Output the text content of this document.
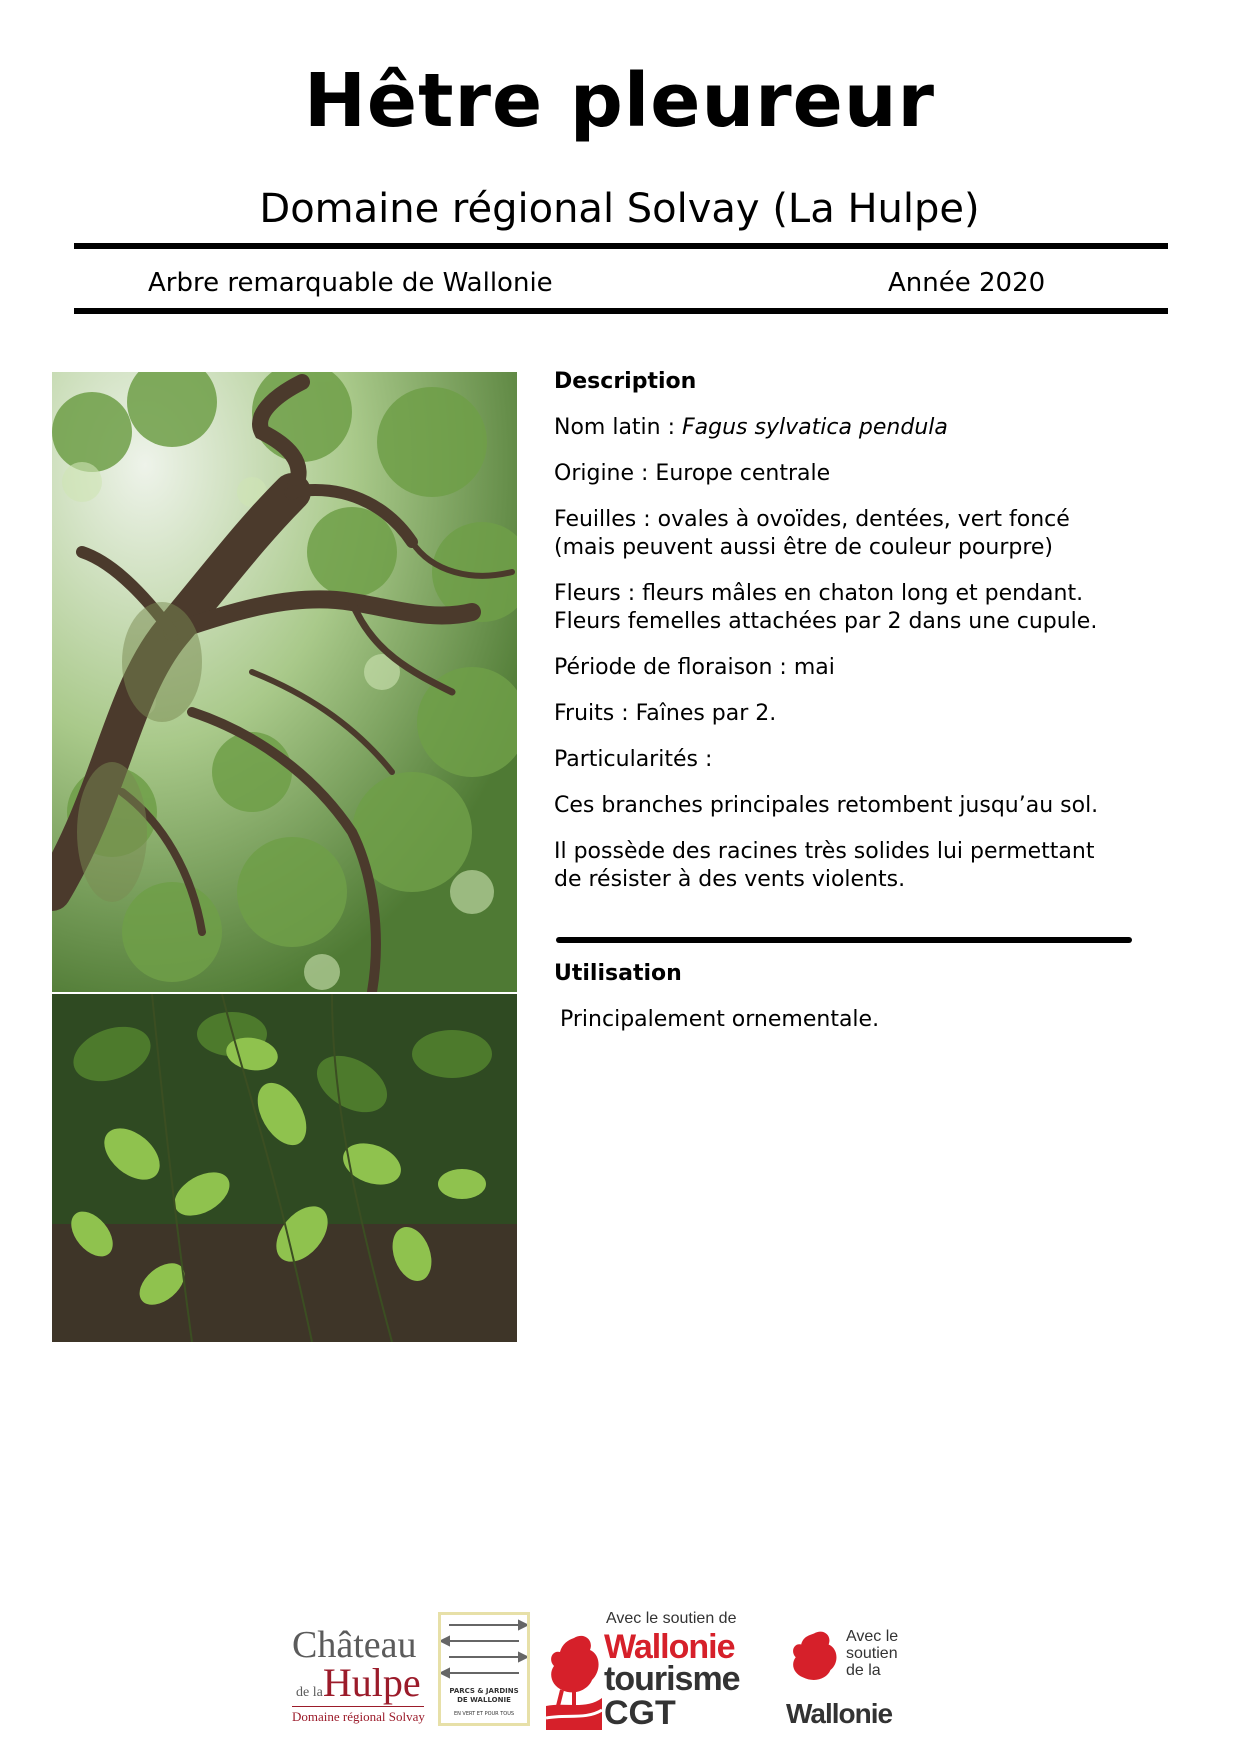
Hêtre pleureur
Domaine régional Solvay (La Hulpe)
Arbre remarquable de Wallonie	Année 2020

Description

Nom latin : Fagus sylvatica pendula

Origine : Europe centrale

Feuilles : ovales à ovoïdes, dentées, vert foncé (mais peuvent aussi être de couleur pourpre)

Fleurs : fleurs mâles en chaton long et pendant. Fleurs femelles attachées par 2 dans une cupule.

Période de floraison : mai

Fruits : Faînes par 2.

Particularités :

Ces branches principales retombent jusqu’au sol.

Il possède des racines très solides lui permettant de résister à des vents violents.

Utilisation

Principalement ornementale.

Château
de laHulpe
Domaine régional Solvay
PARCS & JARDINS
DE WALLONIE
EN VERT ET POUR TOUS
Avec le soutien de
Wallonie
tourisme
CGT
Avec le soutien de la
Wallonie
